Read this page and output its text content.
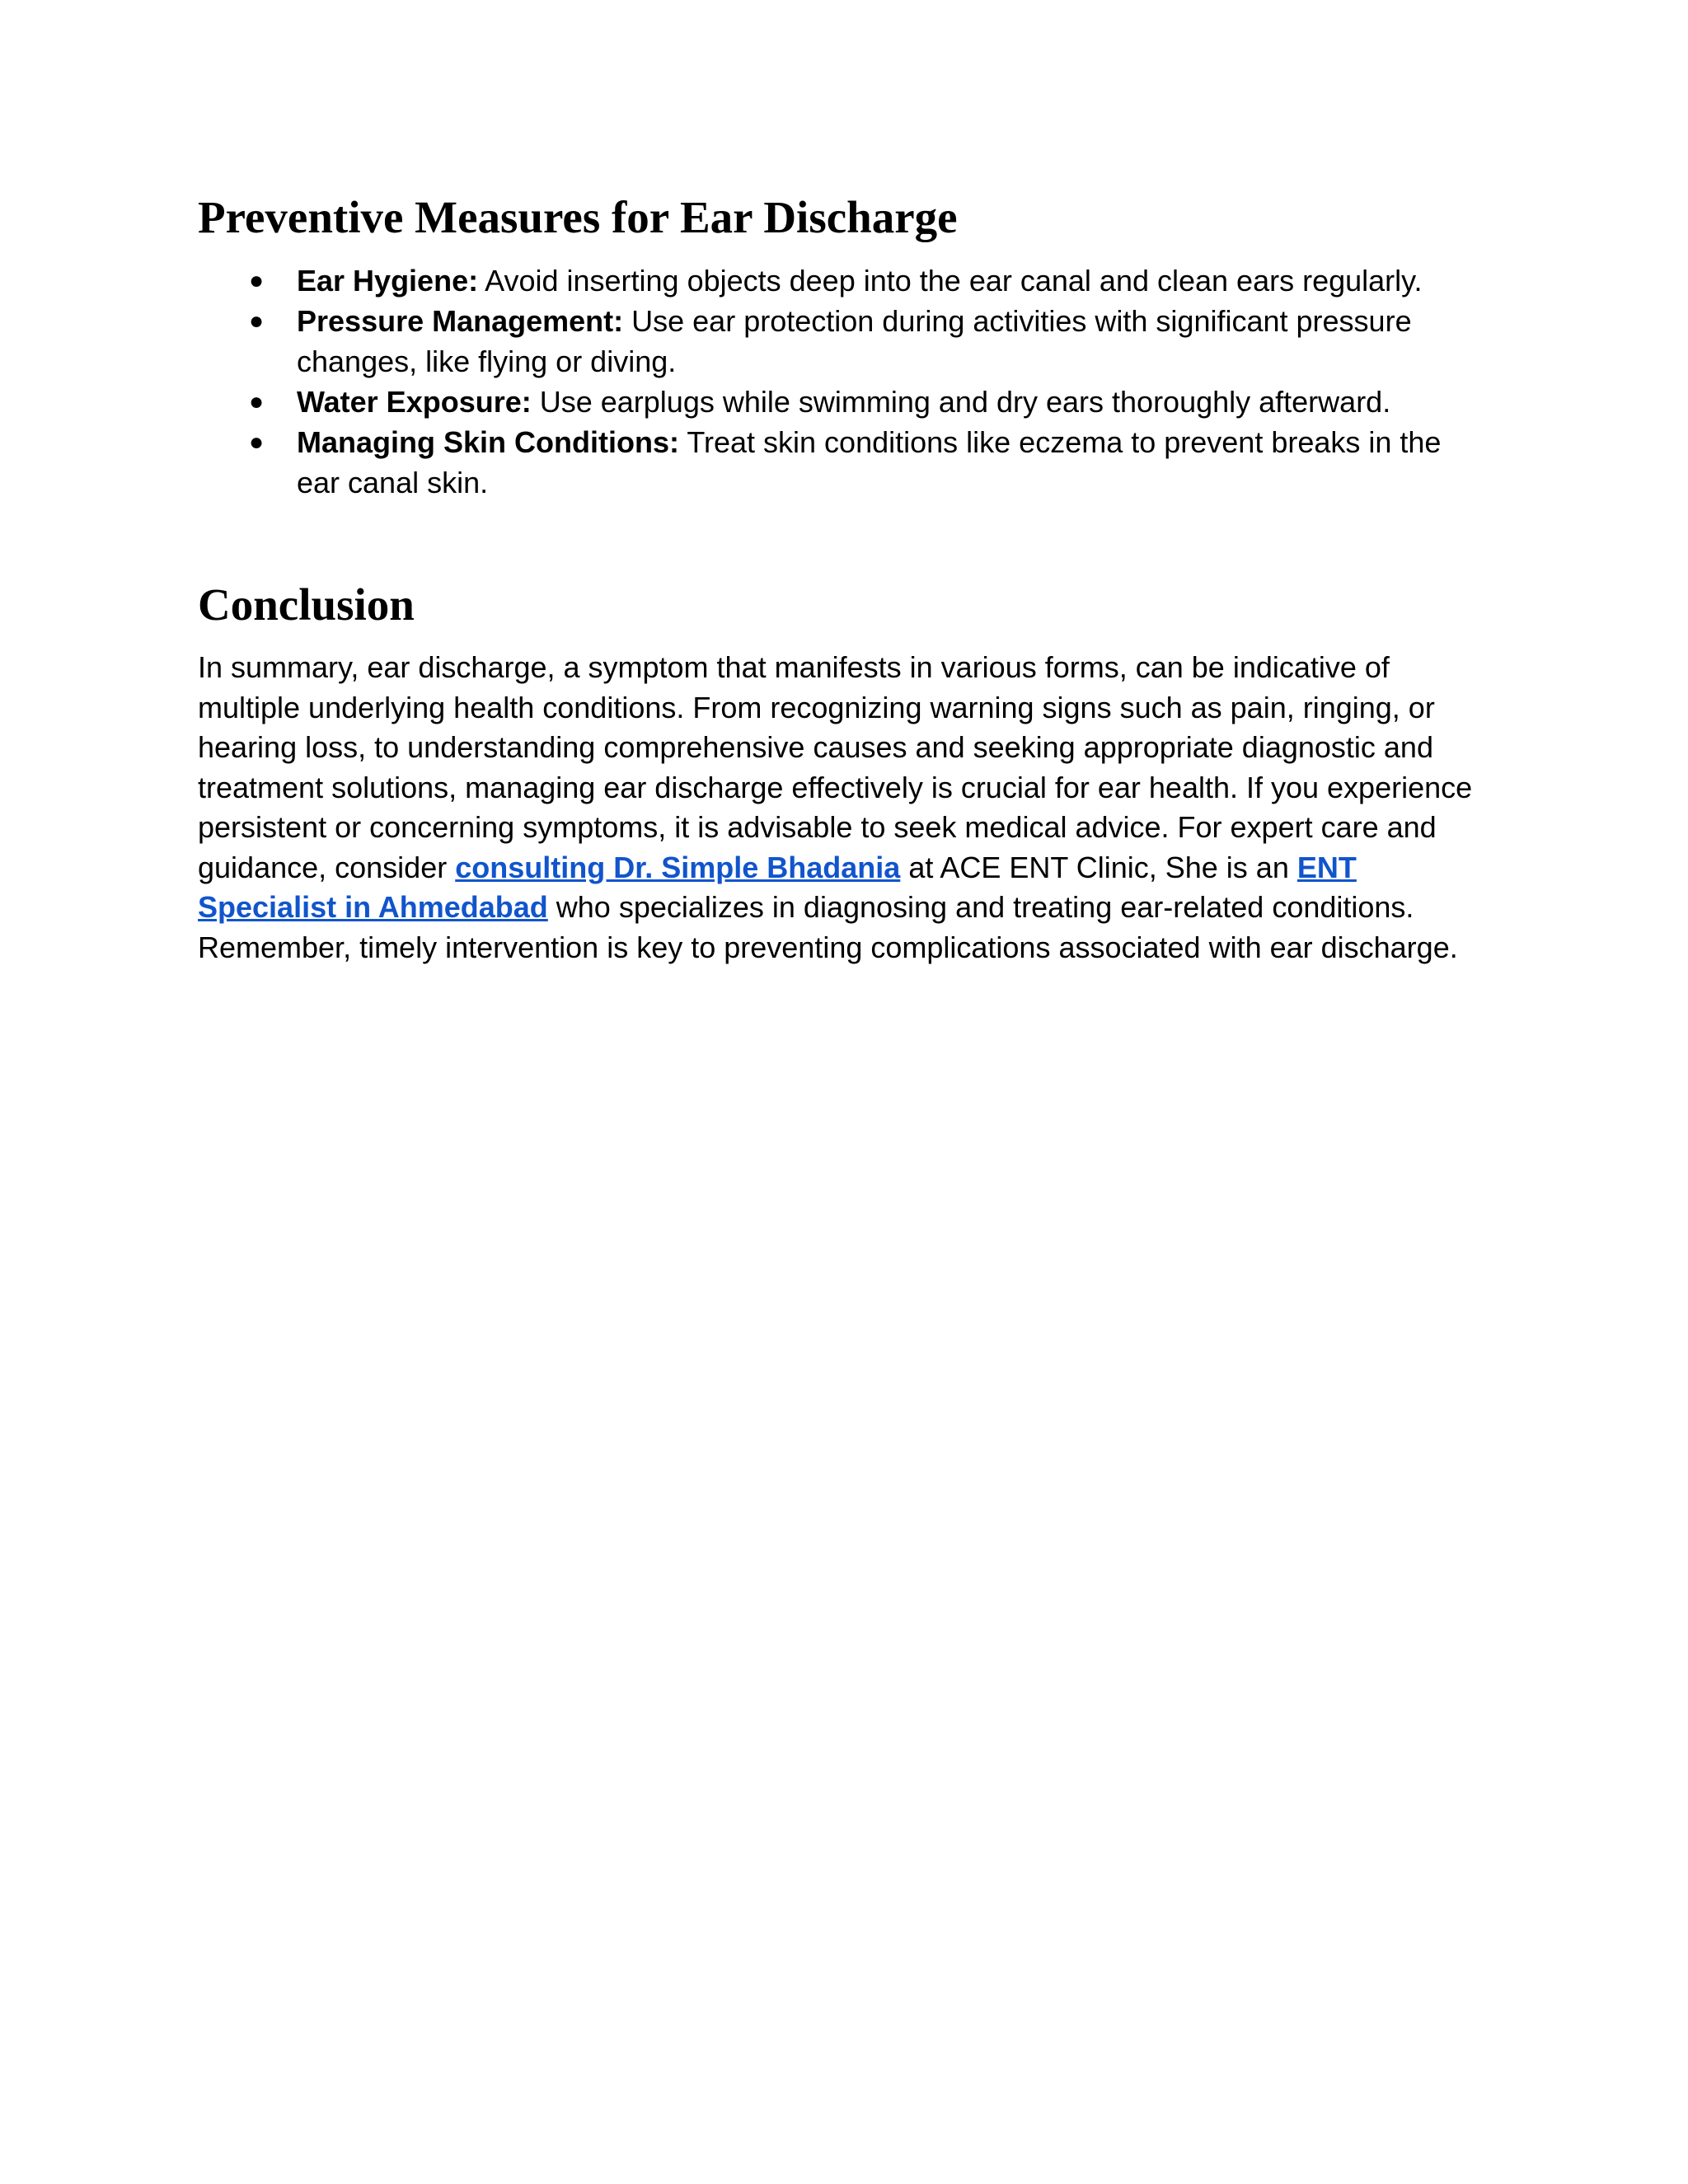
Preventive Measures for Ear Discharge
● Ear Hygiene: Avoid inserting objects deep into the ear canal and clean ears regularly.
● Pressure Management: Use ear protection during activities with significant pressure changes, like flying or diving.
● Water Exposure: Use earplugs while swimming and dry ears thoroughly afterward.
● Managing Skin Conditions: Treat skin conditions like eczema to prevent breaks in the ear canal skin.
Conclusion

In summary, ear discharge, a symptom that manifests in various forms, can be indicative of multiple underlying health conditions. From recognizing warning signs such as pain, ringing, or hearing loss, to understanding comprehensive causes and seeking appropriate diagnostic and treatment solutions, managing ear discharge effectively is crucial for ear health. If you experience persistent or concerning symptoms, it is advisable to seek medical advice. For expert care and guidance, consider consulting Dr. Simple Bhadania at ACE ENT Clinic, She is an ENT Specialist in Ahmedabad who specializes in diagnosing and treating ear-related conditions. Remember, timely intervention is key to preventing complications associated with ear discharge.
